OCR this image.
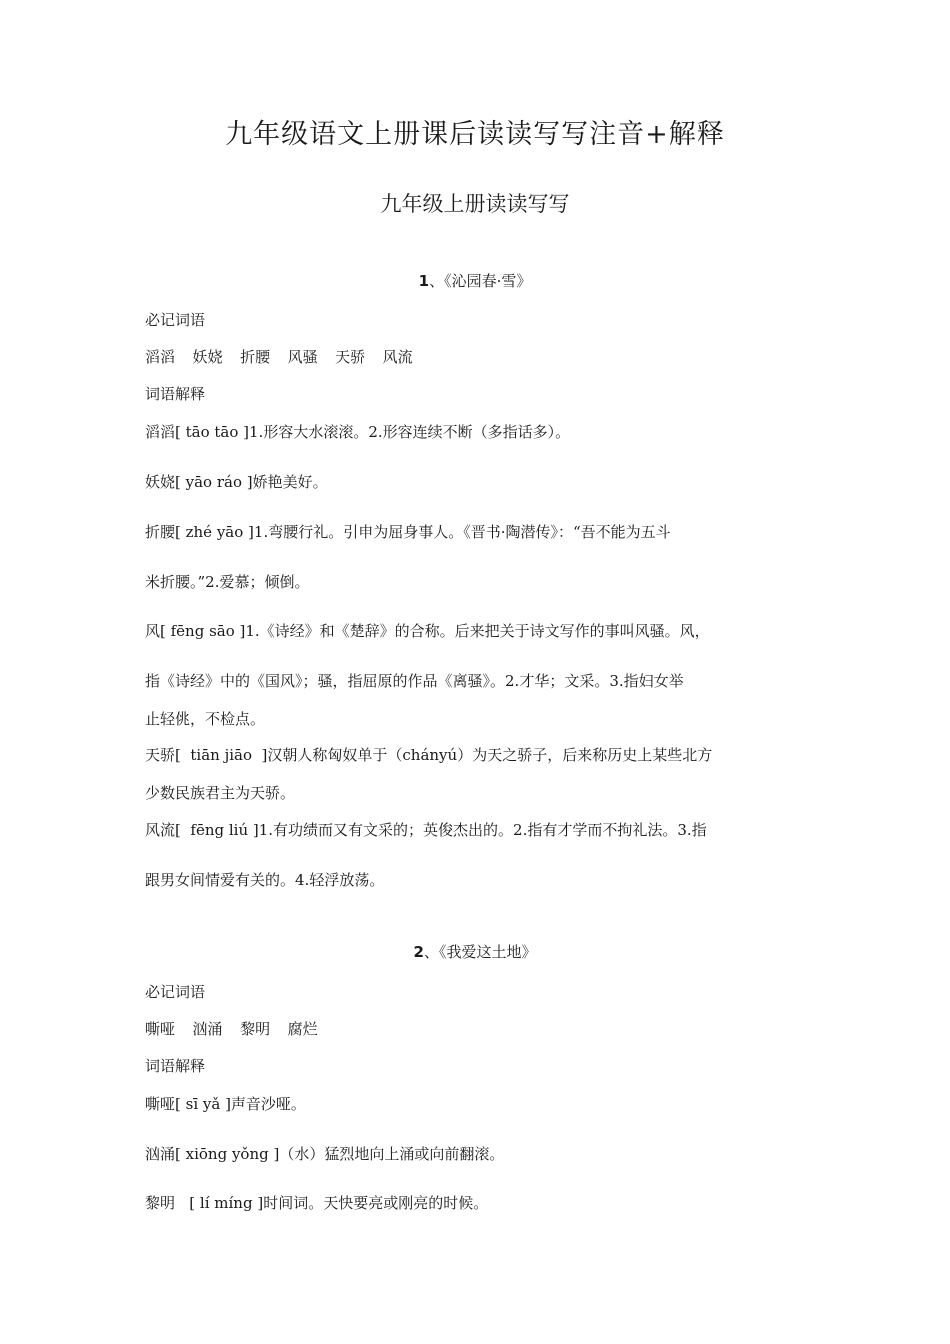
九年级语文上册课后读读写写注音+解释
九年级上册读读写写
1、《沁园春·雪》
必记词语
滔滔  妖娆  折腰  风骚  天骄  风流
词语解释
滔滔[ tāo tāo ]1.形容大水滚滚。2.形容连续不断（多指话多）。
妖娆[ yāo ráo ]娇艳美好。
折腰[ zhé yāo ]1.弯腰行礼。引申为屈身事人。《晋书·陶潜传》：“吾不能为五斗
米折腰。”2.爱慕；倾倒。
风[ fēng sāo ]1.《诗经》和《楚辞》的合称。后来把关于诗文写作的事叫风骚。风，
指《诗经》中的《国风》；骚，指屈原的作品《离骚》。2.才华；文采。3.指妇女举
止轻佻，不检点。
天骄[  tiān jiāo  ]汉朝人称匈奴单于（chányú）为天之骄子，后来称历史上某些北方
少数民族君主为天骄。
风流[  fēng liú ]1.有功绩而又有文采的；英俊杰出的。2.指有才学而不拘礼法。3.指
跟男女间情爱有关的。4.轻浮放荡。
2、《我爱这土地》
必记词语
嘶哑  汹涌  黎明  腐烂
词语解释
嘶哑[ sī yǎ ]声音沙哑。
汹涌[ xiōng yǒng ]（水）猛烈地向上涌或向前翻滚。
黎明   [ lí míng ]时间词。天快要亮或刚亮的时候。
